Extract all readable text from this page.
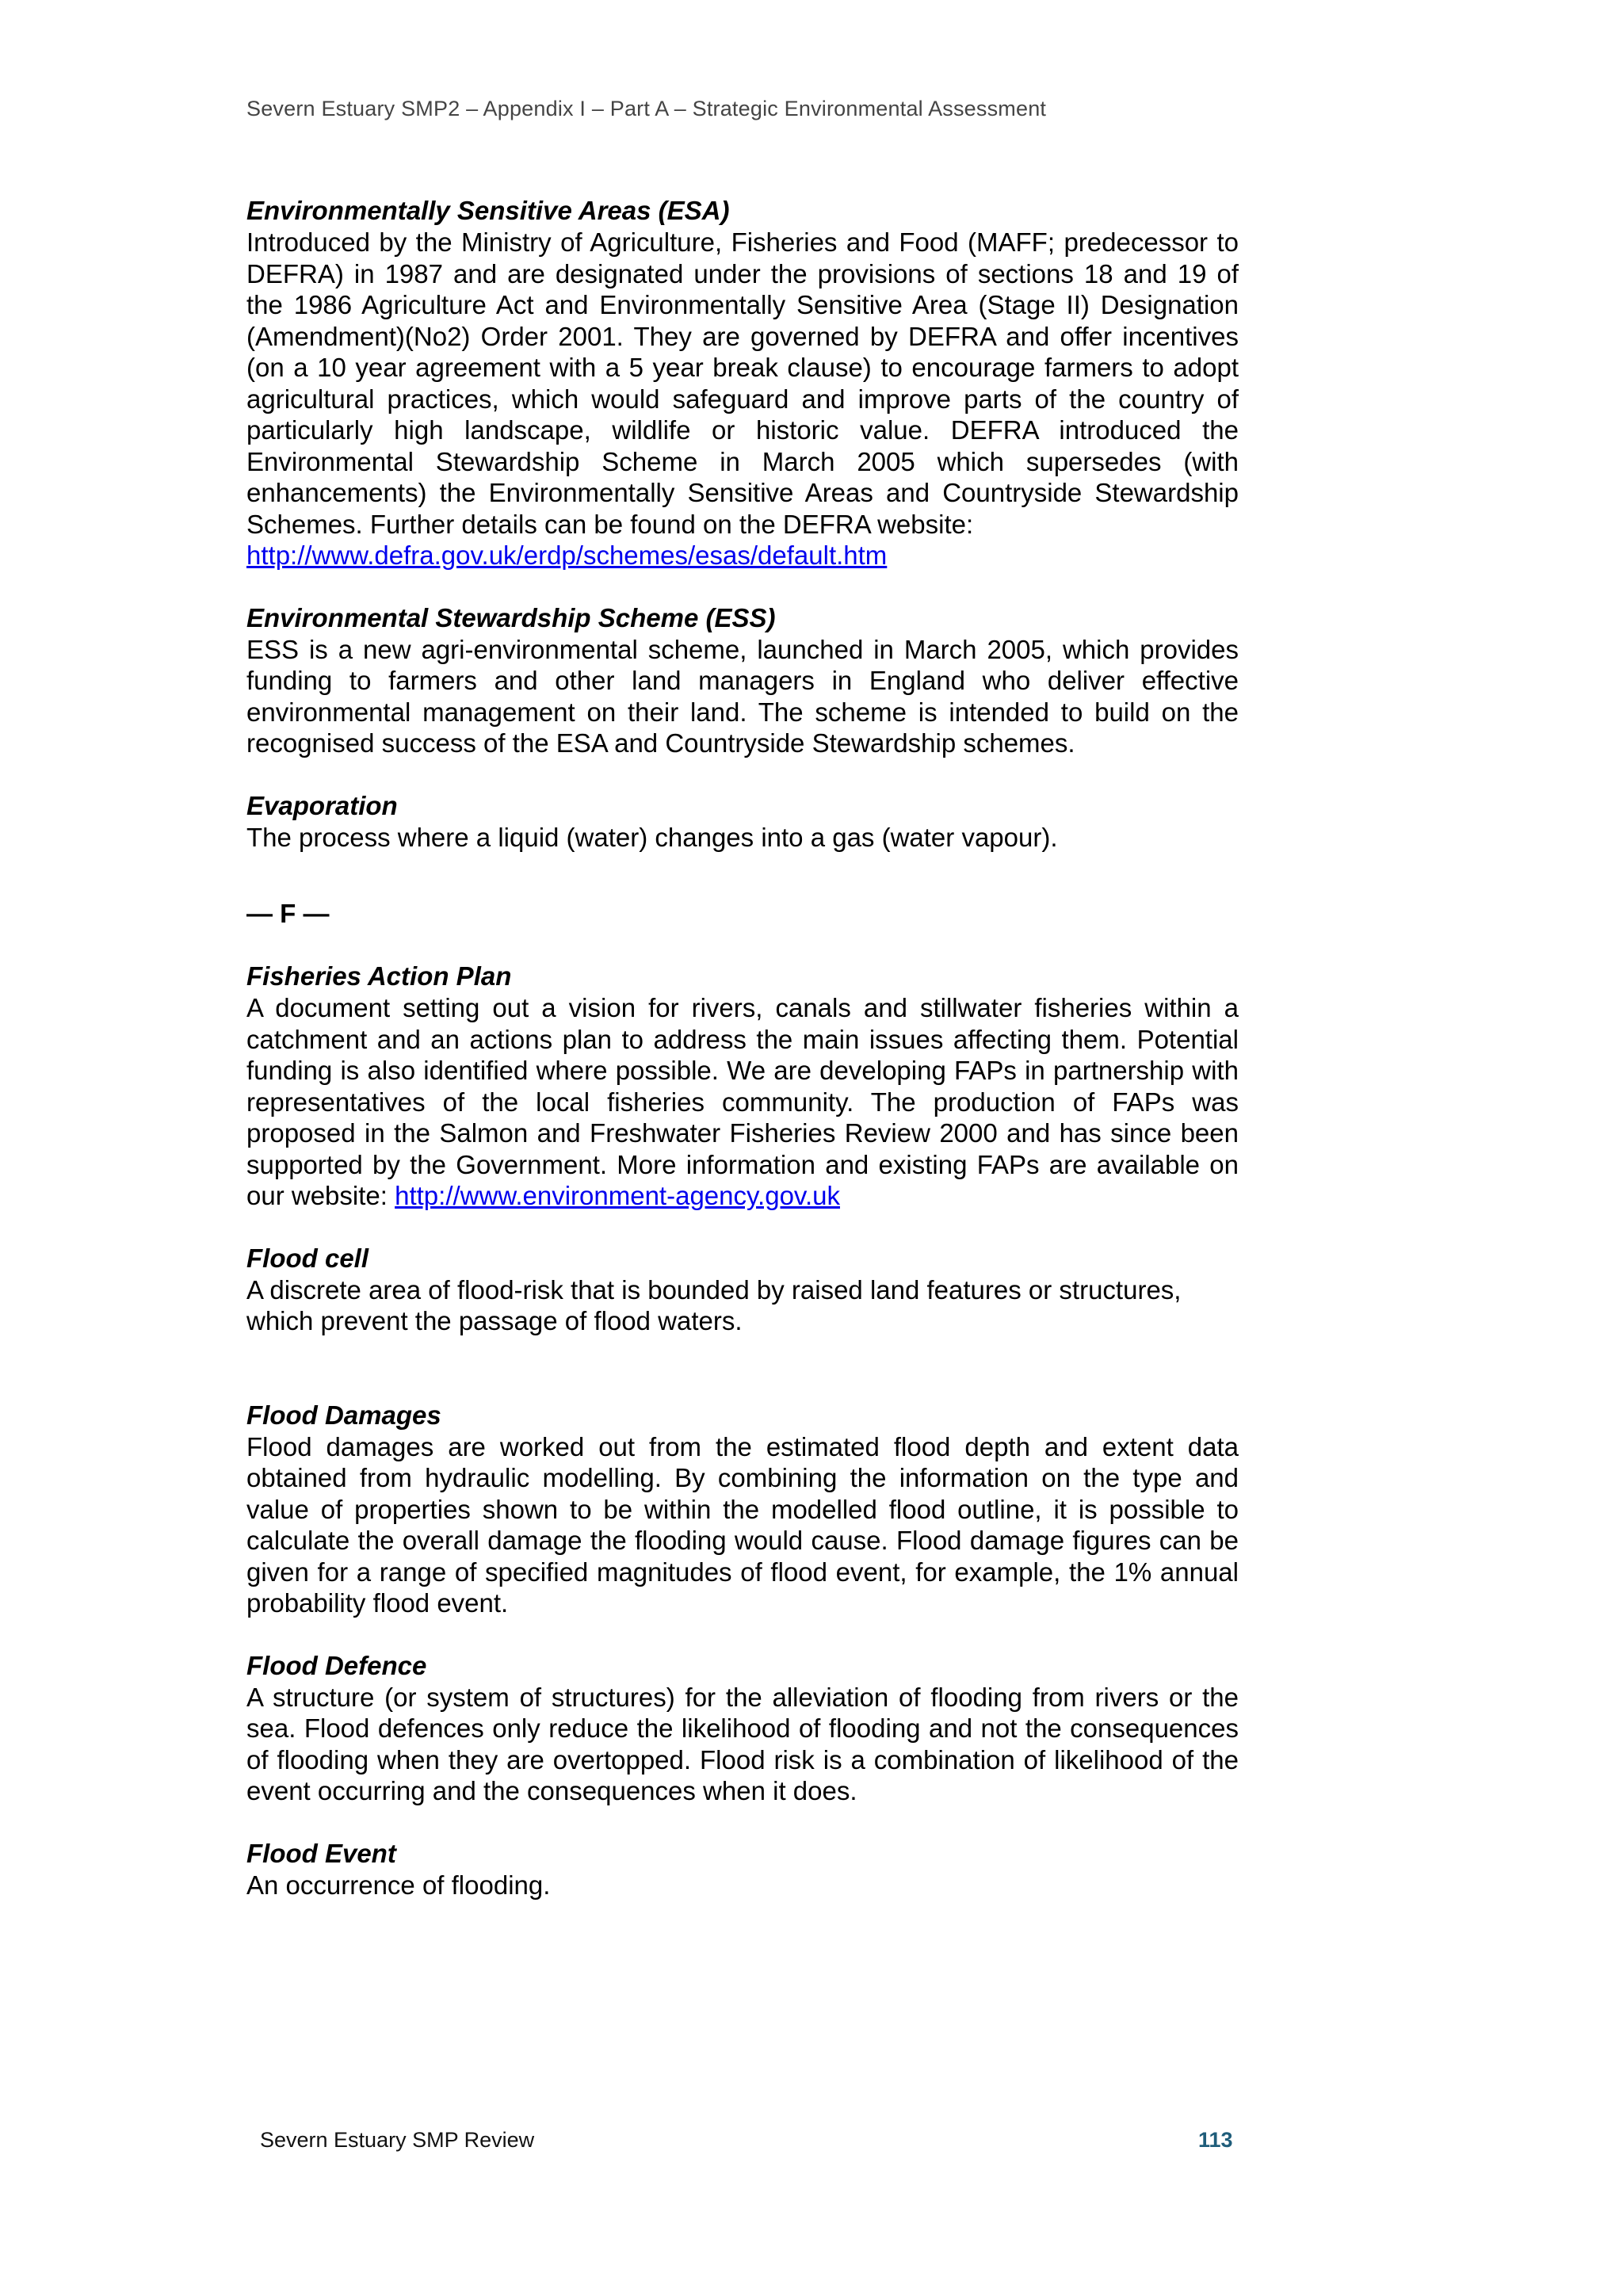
Severn Estuary SMP2 – Appendix I – Part A – Strategic Environmental Assessment

Environmentally Sensitive Areas (ESA)

Introduced by the Ministry of Agriculture, Fisheries and Food (MAFF; predecessor to DEFRA) in 1987 and are designated under the provisions of sections 18 and 19 of the 1986 Agriculture Act and Environmentally Sensitive Area (Stage II) Designation (Amendment)(No2) Order 2001. They are governed by DEFRA and offer incentives (on a 10 year agreement with a 5 year break clause) to encourage farmers to adopt agricultural practices, which would safeguard and improve parts of the country of particularly high landscape, wildlife or historic value. DEFRA introduced the Environmental Stewardship Scheme in March 2005 which supersedes (with enhancements) the Environmentally Sensitive Areas and Countryside Stewardship Schemes. Further details can be found on the DEFRA website:

http://www.defra.gov.uk/erdp/schemes/esas/default.htm

Environmental Stewardship Scheme (ESS)

ESS is a new agri-environmental scheme, launched in March 2005, which provides funding to farmers and other land managers in England who deliver effective environmental management on their land. The scheme is intended to build on the recognised success of the ESA and Countryside Stewardship schemes.

Evaporation

The process where a liquid (water) changes into a gas (water vapour).

— F —

Fisheries Action Plan

A document setting out a vision for rivers, canals and stillwater fisheries within a catchment and an actions plan to address the main issues affecting them. Potential funding is also identified where possible. We are developing FAPs in partnership with representatives of the local fisheries community. The production of FAPs was proposed in the Salmon and Freshwater Fisheries Review 2000 and has since been supported by the Government. More information and existing FAPs are available on our website: http://www.environment-agency.gov.uk

Flood cell

A discrete area of flood-risk that is bounded by raised land features or structures, which prevent the passage of flood waters.

Flood Damages

Flood damages are worked out from the estimated flood depth and extent data obtained from hydraulic modelling. By combining the information on the type and value of properties shown to be within the modelled flood outline, it is possible to calculate the overall damage the flooding would cause. Flood damage figures can be given for a range of specified magnitudes of flood event, for example, the 1% annual probability flood event.

Flood Defence

A structure (or system of structures) for the alleviation of flooding from rivers or the sea. Flood defences only reduce the likelihood of flooding and not the consequences of flooding when they are overtopped. Flood risk is a combination of likelihood of the event occurring and the consequences when it does.

Flood Event

An occurrence of flooding.

Severn Estuary SMP Review	113
